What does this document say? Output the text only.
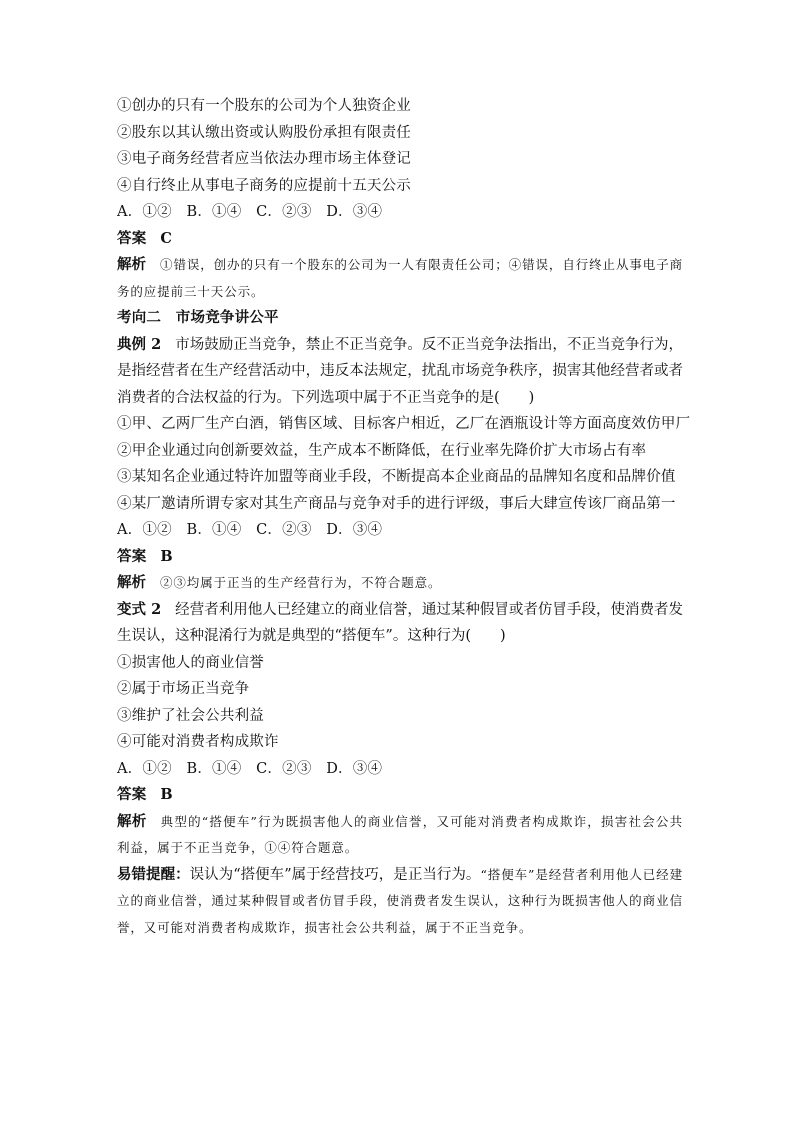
①创办的只有一个股东的公司为个人独资企业
②股东以其认缴出资或认购股份承担有限责任
③电子商务经营者应当依法办理市场主体登记
④自行终止从事电子商务的应提前十五天公示
A．①②　B．①④　C．②③　D．③④
答案 C
解析 ①错误，创办的只有一个股东的公司为一人有限责任公司；④错误，自行终止从事电子商务的应提前三十天公示。
考向二　市场竞争讲公平
典例 2 市场鼓励正当竞争，禁止不正当竞争。反不正当竞争法指出，不正当竞争行为，是指经营者在生产经营活动中，违反本法规定，扰乱市场竞争秩序，损害其他经营者或者消费者的合法权益的行为。下列选项中属于不正当竞争的是(　　)
①甲、乙两厂生产白酒，销售区域、目标客户相近，乙厂在酒瓶设计等方面高度效仿甲厂
②甲企业通过向创新要效益，生产成本不断降低，在行业率先降价扩大市场占有率
③某知名企业通过特许加盟等商业手段，不断提高本企业商品的品牌知名度和品牌价值
④某厂邀请所谓专家对其生产商品与竞争对手的进行评级，事后大肆宣传该厂商品第一
A．①②　B．①④　C．②③　D．③④
答案 B
解析 ②③均属于正当的生产经营行为，不符合题意。
变式 2 经营者利用他人已经建立的商业信誉，通过某种假冒或者仿冒手段，使消费者发生误认，这种混淆行为就是典型的“搭便车”。这种行为(　　)
①损害他人的商业信誉
②属于市场正当竞争
③维护了社会公共利益
④可能对消费者构成欺诈
A．①②　B．①④　C．②③　D．③④
答案 B
解析 典型的“搭便车”行为既损害他人的商业信誉，又可能对消费者构成欺诈，损害社会公共利益，属于不正当竞争，①④符合题意。
易错提醒：误认为“搭便车”属于经营技巧，是正当行为。“搭便车”是经营者利用他人已经建立的商业信誉，通过某种假冒或者仿冒手段，使消费者发生误认，这种行为既损害他人的商业信誉，又可能对消费者构成欺诈，损害社会公共利益，属于不正当竞争。
